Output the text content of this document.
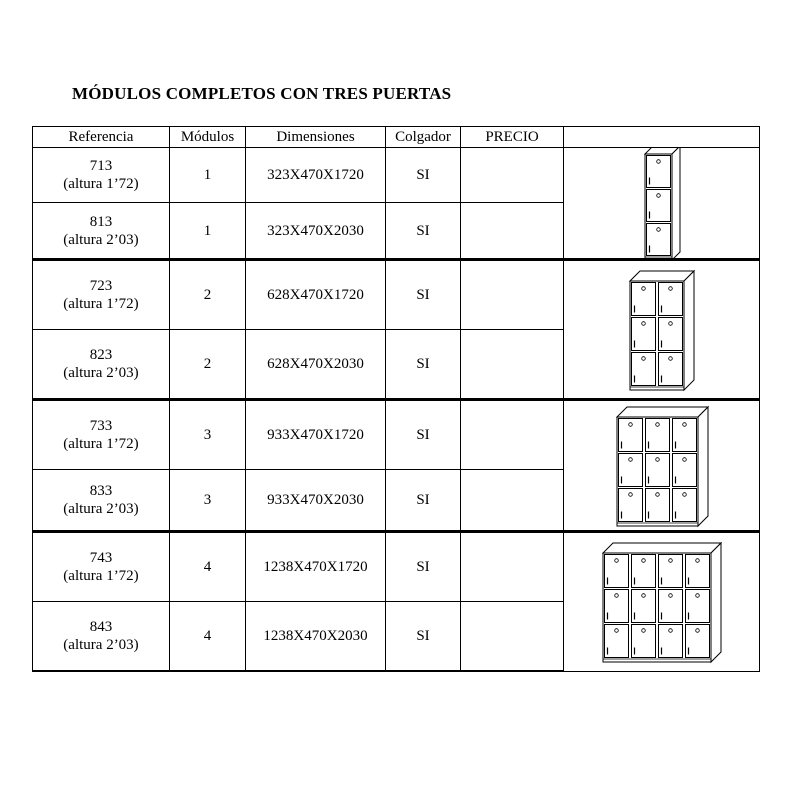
MÓDULOS COMPLETOS CON TRES PUERTAS
Referencia	Módulos	Dimensiones	Colgador	PRECIO	
713
(altura 1’72)	1	323X470X1720	SI		

813
(altura 2’03)	1	323X470X2030	SI		
723
(altura 1’72)	2	628X470X1720	SI		

823
(altura 2’03)	2	628X470X2030	SI		
733
(altura 1’72)	3	933X470X1720	SI		

833
(altura 2’03)	3	933X470X2030	SI		
743
(altura 1’72)	4	1238X470X1720	SI		

843
(altura 2’03)	4	1238X470X2030	SI		
